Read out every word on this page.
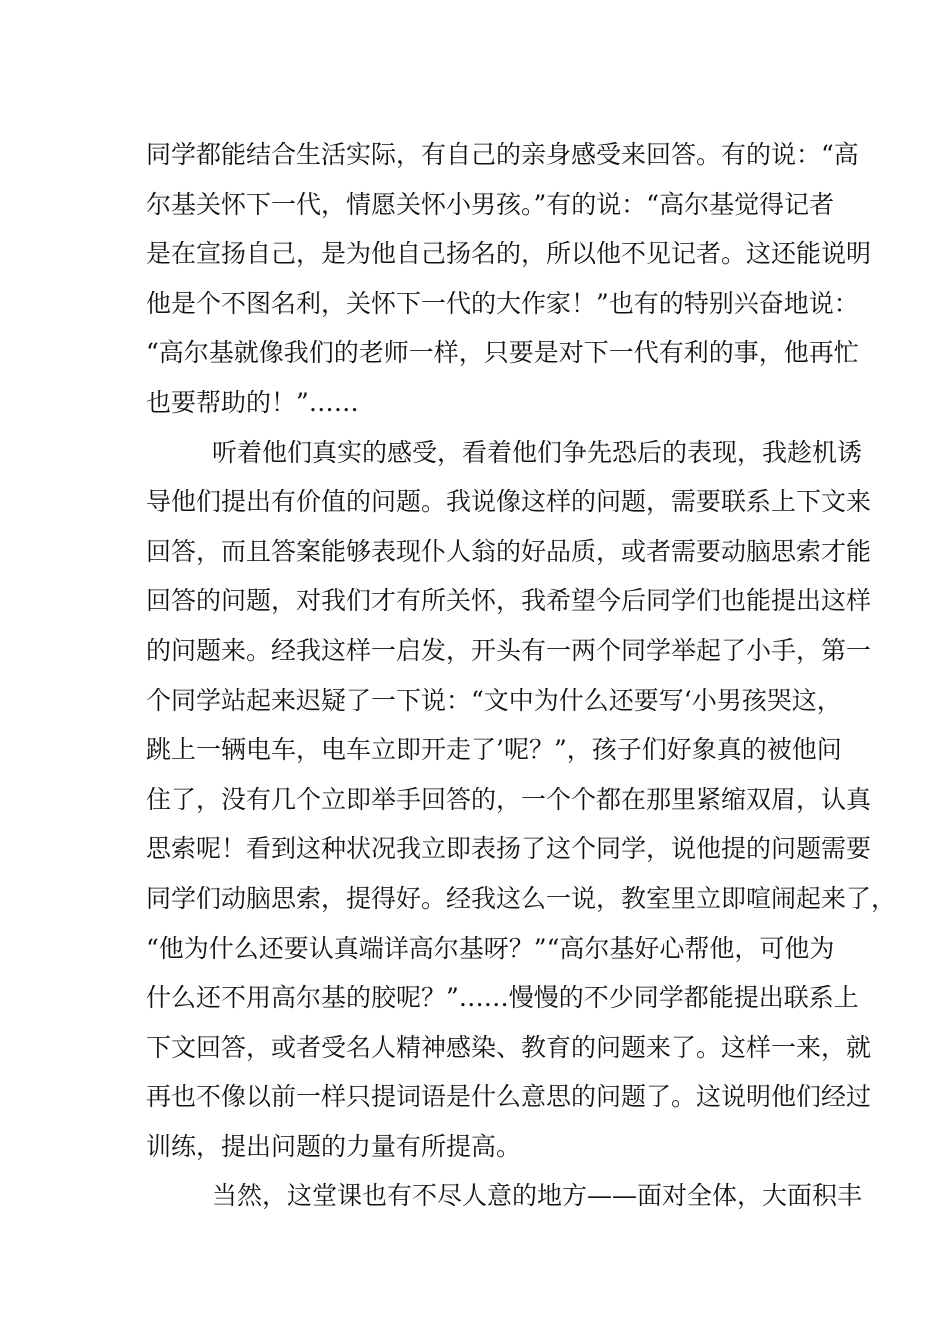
同学都能结合生活实际，有自己的亲身感受来回答。有的说：“高
尔基关怀下一代，情愿关怀小男孩。”有的说：“高尔基觉得记者
是在宣扬自己，是为他自己扬名的，所以他不见记者。这还能说明
他是个不图名利，关怀下一代的大作家！”也有的特别兴奋地说：
“高尔基就像我们的老师一样，只要是对下一代有利的事，他再忙
也要帮助的！”……
听着他们真实的感受，看着他们争先恐后的表现，我趁机诱
导他们提出有价值的问题。我说像这样的问题，需要联系上下文来
回答，而且答案能够表现仆人翁的好品质，或者需要动脑思索才能
回答的问题，对我们才有所关怀，我希望今后同学们也能提出这样
的问题来。经我这样一启发，开头有一两个同学举起了小手，第一
个同学站起来迟疑了一下说：“文中为什么还要写‘小男孩哭这，
跳上一辆电车，电车立即开走了’呢？”，孩子们好象真的被他问
住了，没有几个立即举手回答的，一个个都在那里紧缩双眉，认真
思索呢！看到这种状况我立即表扬了这个同学，说他提的问题需要
同学们动脑思索，提得好。经我这么一说，教室里立即喧闹起来了，
“他为什么还要认真端详高尔基呀？”“高尔基好心帮他，可他为
什么还不用高尔基的胶呢？”……慢慢的不少同学都能提出联系上
下文回答，或者受名人精神感染、教育的问题来了。这样一来，就
再也不像以前一样只提词语是什么意思的问题了。这说明他们经过
训练，提出问题的力量有所提高。
当然，这堂课也有不尽人意的地方——面对全体，大面积丰
